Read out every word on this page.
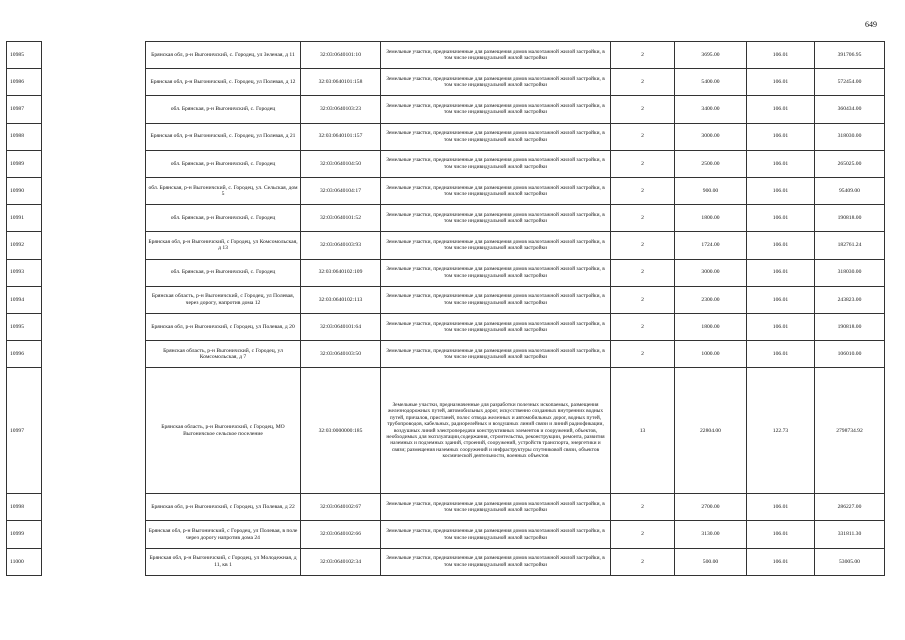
649
10985		Брянская обл, р-н Выгоничский, с. Городец, ул Зеленая, д 11	32:03:0640101:10	Земельные участки, предназначенные для размещения домов малоэтажной жилой застройки, в том числе индивидуальной жилой застройки	2	3695.00	106.01	391706.95
10986		Брянская обл, р-н Выгоничский, с. Городец, ул Полевая, д 12	32:03:0640101:158	Земельные участки, предназначенные для размещения домов малоэтажной жилой застройки, в том числе индивидуальной жилой застройки	2	5400.00	106.01	572454.00
10987		обл. Брянская, р-н Выгоничский, с. Городец	32:03:0640103:23	Земельные участки, предназначенные для размещения домов малоэтажной жилой застройки, в том числе индивидуальной жилой застройки	2	3400.00	106.01	360434.00
10988		Брянская обл, р-н Выгоничский, с. Городец, ул Полевая, д 21	32:03:0640101:157	Земельные участки, предназначенные для размещения домов малоэтажной жилой застройки, в том числе индивидуальной жилой застройки	2	3000.00	106.01	318030.00
10989		обл. Брянская, р-н Выгоничский, с. Городец	32:03:0640104:50	Земельные участки, предназначенные для размещения домов малоэтажной жилой застройки, в том числе индивидуальной жилой застройки	2	2500.00	106.01	265025.00
10990		обл. Брянская, р-н Выгоничский, с. Городец, ул. Сельская, дом 5	32:03:0640104:17	Земельные участки, предназначенные для размещения домов малоэтажной жилой застройки, в том числе индивидуальной жилой застройки	2	900.00	106.01	95409.00
10991		обл. Брянская, р-н Выгоничский, с. Городец	32:03:0640101:52	Земельные участки, предназначенные для размещения домов малоэтажной жилой застройки, в том числе индивидуальной жилой застройки	2	1800.00	106.01	190818.00
10992		Брянская обл, р-н Выгоничский, с Городец, ул Комсомольская, д 13	32:03:0640103:93	Земельные участки, предназначенные для размещения домов малоэтажной жилой застройки, в том числе индивидуальной жилой застройки	2	1724.00	106.01	182761.24
10993		обл. Брянская, р-н Выгоничский, с. Городец	32:03:0640102:109	Земельные участки, предназначенные для размещения домов малоэтажной жилой застройки, в том числе индивидуальной жилой застройки	2	3000.00	106.01	318030.00
10994		Брянская область, р-н Выгоничский, с Городец, ул Полевая, через дорогу, напротив дома 12	32:03:0640102:113	Земельные участки, предназначенные для размещения домов малоэтажной жилой застройки, в том числе индивидуальной жилой застройки	2	2300.00	106.01	243823.00
10995		Брянская обл, р-н Выгоничский, с Городец, ул Полевая, д 20	32:03:0640101:64	Земельные участки, предназначенные для размещения домов малоэтажной жилой застройки, в том числе индивидуальной жилой застройки	2	1800.00	106.01	190818.00
10996		Брянская область, р-н Выгоничский, с Городец, ул Комсомольская, д 7	32:03:0640103:50	Земельные участки, предназначенные для размещения домов малоэтажной жилой застройки, в том числе индивидуальной жилой застройки	2	1000.00	106.01	106010.00
10997		Брянская область, р-н Выгоничский, с Городец, МО Выгоничское сельское поселение	32:03:0000000:185	Земельные участки, предназначенные для разработки полезных ископаемых, размещения железнодорожных путей, автомобильных дорог, искусственно созданных внутренних водных путей, причалов, пристаней, полос отвода железных и автомобильных дорог, водных путей, трубопроводов, кабельных, радиорелейных и воздушных линий связи и линий радиофикации, воздушных линий электропередачи конструктивных элементов и сооружений, объектов, необходимых для эксплуатации,содержания, строительства, реконструкции, ремонта, развития наземных и подземных зданий, строений, сооружений, устройств транспорта, энергетики и связи; размещения наземных сооружений и инфраструктуры спутниковой связи, объектов космической деятельности, военных объектов	13	22804.00	122.73	2798734.92
10998		Брянская обл, р-н Выгоничский, с Городец, ул Полевая, д 22	32:03:0640102:67	Земельные участки, предназначенные для размещения домов малоэтажной жилой застройки, в том числе индивидуальной жилой застройки	2	2700.00	106.01	286227.00
10999		Брянская обл, р-н Выгоничский, с Городец, ул Полевая, в поле через дорогу напротив дома 24	32:03:0640102:66	Земельные участки, предназначенные для размещения домов малоэтажной жилой застройки, в том числе индивидуальной жилой застройки	2	3130.00	106.01	331811.30
11000		Брянская обл, р-н Выгоничский, с Городец, ул Молодежная, д 11, кв 1	32:03:0640102:34	Земельные участки, предназначенные для размещения домов малоэтажной жилой застройки, в том числе индивидуальной жилой застройки	2	500.00	106.01	53005.00
